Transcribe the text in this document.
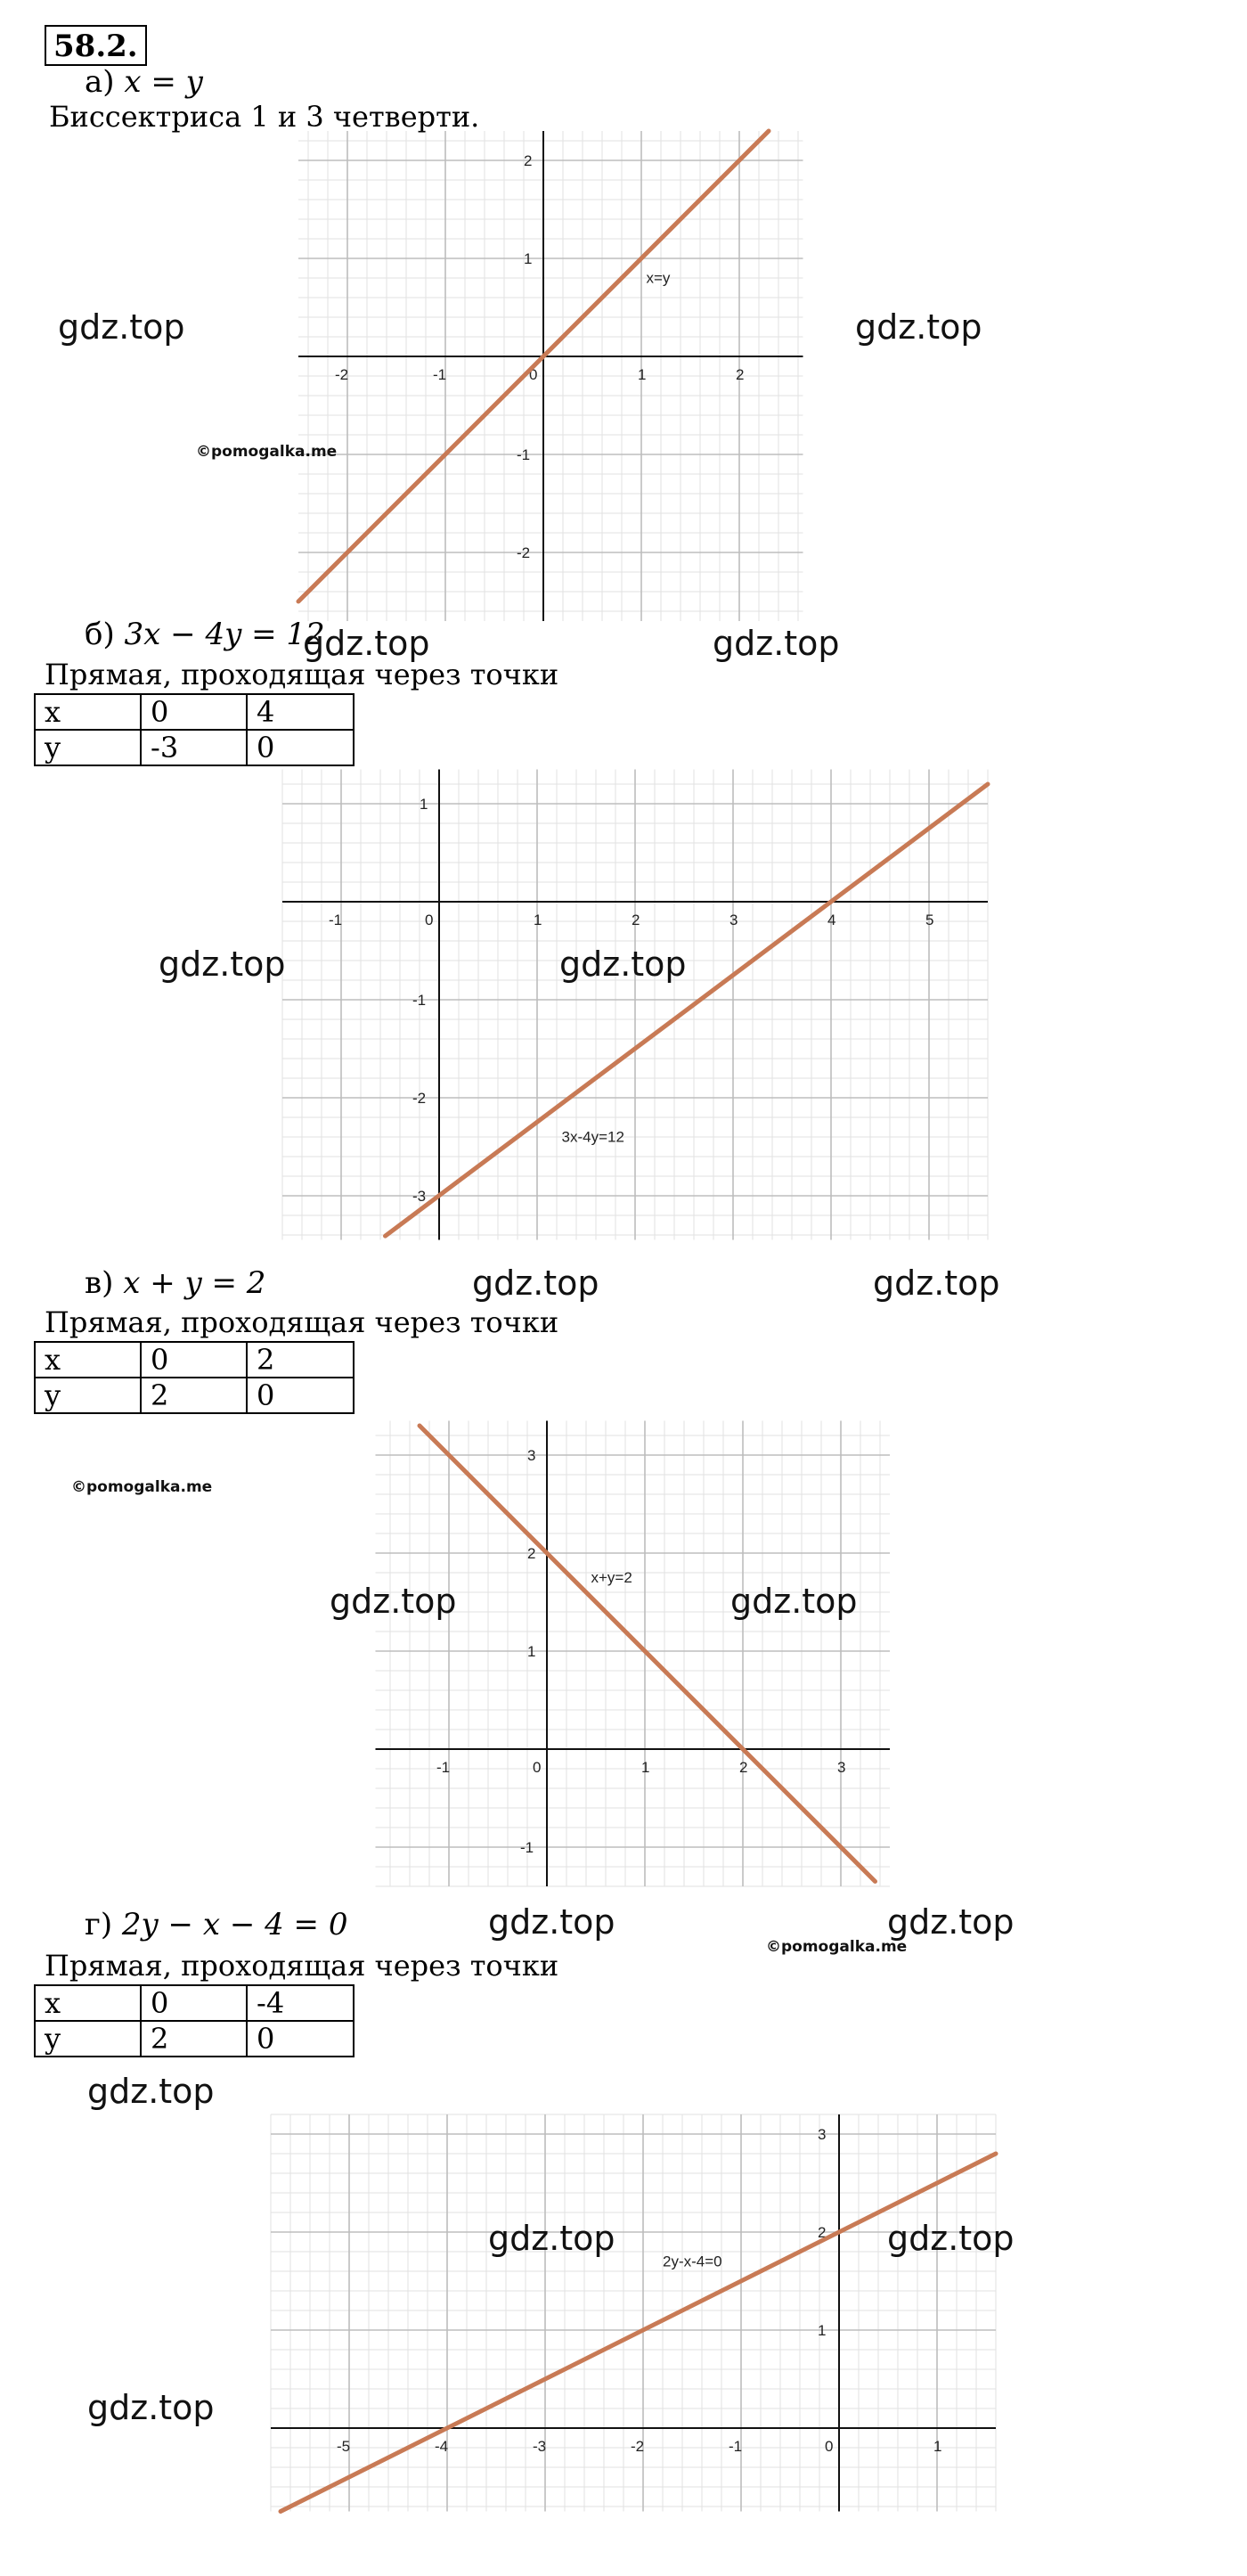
58.2.
а) x = y
Биссектриса 1 и 3 четверти.
-2	-1	0	1	2
2
1
-1
-2
x=y
б) 3x − 4y = 12
Прямая, проходящая через точки
x	0	4
y	-3	0
-1	0	1	2	3	4	5
1
-1
-2
-3
3x-4y=12
в) x + y = 2
Прямая, проходящая через точки
x	0	2
y	2	0
-1	0	1	2	3
3
2
1
-1
x+y=2
г) 2y − x − 4 = 0
Прямая, проходящая через точки
x	0	-4
y	2	0
-5	-4	-3	-2	-1	0	1
3
2
1
2y-x-4=0
gdz.top	gdz.top
gdz.top	gdz.top
gdz.top	gdz.top
gdz.top	gdz.top
gdz.top	gdz.top
gdz.top	gdz.top
gdz.top
gdz.top	gdz.top
gdz.top
©pomogalka.me
©pomogalka.me
©pomogalka.me
